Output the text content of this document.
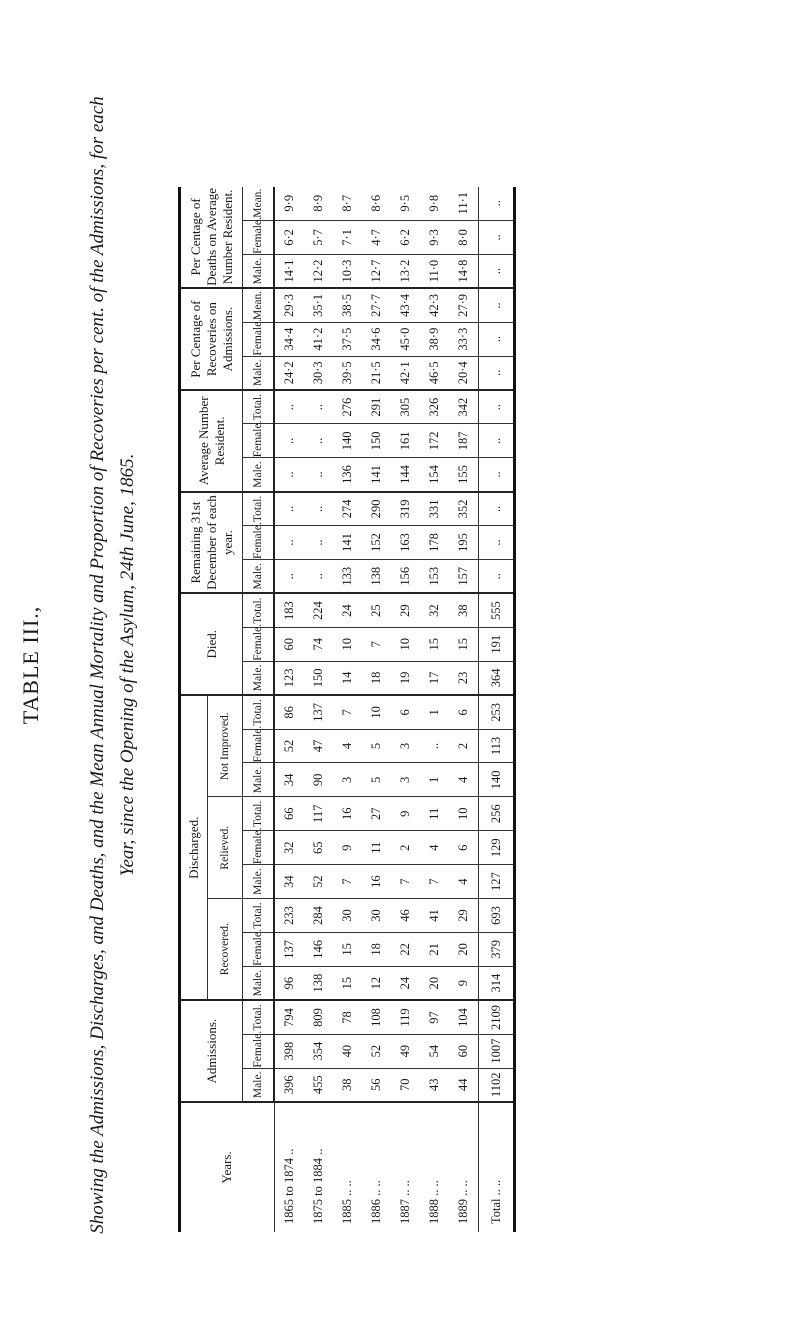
TABLE III., Showing the Admissions, Discharges, and Deaths, and the Mean Annual Mortality and Proportion of Recoveries per cent. of the Admissions, for each Year, since the Opening of the Asylum, 24th June, 1865.
Years.	Admissions.			Discharged.									Died.			Remaining 31st December of each year.			Average Number Resident.			Per Centage of Recoveries on Admissions.			Per Centage of Deaths on Average Number Resident.		
				Recovered.			Relieved.			Not Improved.																	
	Male.	Female.	Total.	Male.	Female.	Total.	Male.	Female.	Total.	Male.	Female.	Total.	Male.	Female.	Total.	Male.	Female.	Total.	Male.	Female.	Total.	Male.	Female.	Mean.	Male.	Female.	Mean.
1865 to 1874 ..	396	398	794	96	137	233	34	32	66	34	52	86	123	60	183	..	..	..	..	..	..	24·2	34·4	29·3	14·1	6·2	9·9
1875 to 1884 ..	455	354	809	138	146	284	52	65	117	90	47	137	150	74	224	..	..	..	..	..	..	30·3	41·2	35·1	12·2	5·7	8·9
1885 .. ..	38	40	78	15	15	30	7	9	16	3	4	7	14	10	24	133	141	274	136	140	276	39·5	37·5	38·5	10·3	7·1	8·7
1886 .. ..	56	52	108	12	18	30	16	11	27	5	5	10	18	7	25	138	152	290	141	150	291	21·5	34·6	27·7	12·7	4·7	8·6
1887 .. ..	70	49	119	24	22	46	7	2	9	3	3	6	19	10	29	156	163	319	144	161	305	42·1	45·0	43·4	13·2	6·2	9·5
1888 .. ..	43	54	97	20	21	41	7	4	11	1	..	1	17	15	32	153	178	331	154	172	326	46·5	38·9	42·3	11·0	9·3	9·8
1889 .. ..	44	60	104	9	20	29	4	6	10	4	2	6	23	15	38	157	195	352	155	187	342	20·4	33·3	27·9	14·8	8·0	11·1
Total .. ..	1102	1007	2109	314	379	693	127	129	256	140	113	253	364	191	555	..	..	..	..	..	..	..	..	..	..	..	..
